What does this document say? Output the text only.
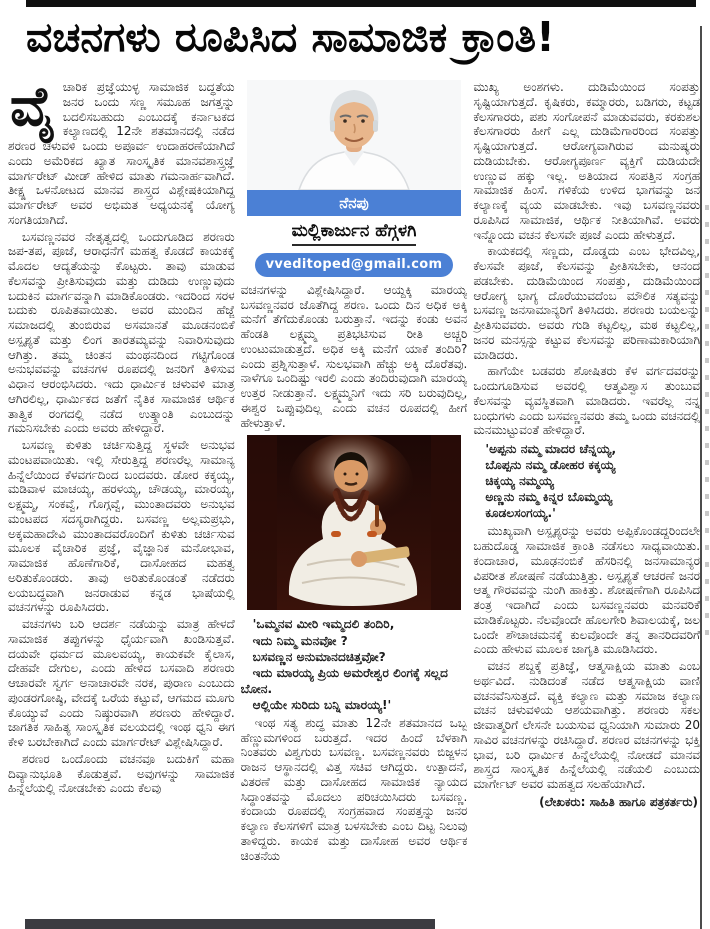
ವಚನಗಳು ರೂಪಿಸಿದ ಸಾಮಾಜಿಕ ಕ್ರಾಂತಿ!

ವೈಚಾರಿಕ ಪ್ರಜ್ಞೆಯುಳ್ಳ ಸಾಮಾಜಿಕ ಬದ್ಧತೆಯ ಜನರ ಒಂದು ಸಣ್ಣ ಸಮೂಹ ಜಗತ್ತನ್ನು ಬದಲಿಸಬಹುದು ಎಂಬುದಕ್ಕೆ ಕರ್ನಾಟಕದ ಕಲ್ಯಾಣದಲ್ಲಿ 12ನೇ ಶತಮಾನದಲ್ಲಿ ನಡೆದ ಶರಣರ ಚಳುವಳಿ ಒಂದು ಅಪೂರ್ವ ಉದಾಹರಣೆಯಾಗಿದೆ ಎಂದು ಅಮೆರಿಕದ ಖ್ಯಾತ ಸಾಂಸ್ಕೃತಿಕ ಮಾನವಶಾಸ್ತ್ರಜ್ಞೆ ಮಾರ್ಗರೇಟ್ ಮೀಡ್ ಹೇಳಿದ ಮಾತು ಗಮನಾರ್ಹವಾಗಿದೆ. ತೀಕ್ಷ್ಣ ಒಳನೋಟದ ಮಾನವ ಶಾಸ್ತ್ರದ ವಿಶ್ಲೇಷಕಿಯಾಗಿದ್ದ ಮಾರ್ಗರೇಟ್ ಅವರ ಅಭಿಮತ ಅಧ್ಯಯನಕ್ಕೆ ಯೋಗ್ಯ ಸಂಗತಿಯಾಗಿದೆ.

ಬಸವಣ್ಣನವರ ನೇತೃತ್ವದಲ್ಲಿ ಒಂದುಗೂಡಿದ ಶರಣರು ಜಪ-ತಪ, ಪೂಜೆ, ಆರಾಧನೆಗೆ ಮಹತ್ವ ಕೊಡದೆ ಕಾಯಕಕ್ಕೆ ಮೊದಲ ಆದ್ಯತೆಯನ್ನು ಕೊಟ್ಟರು. ತಾವು ಮಾಡುವ ಕೆಲಸವನ್ನು ಪ್ರೀತಿಸುವುದು ಮತ್ತು ದುಡಿದು ಉಣ್ಣುವುದು ಬದುಕಿನ ಮಾರ್ಗವನ್ನಾಗಿ ಮಾಡಿಕೊಂಡರು. ಇದರಿಂದ ಸರಳ ಬದುಕು ರೂಪಿತವಾಯಿತು. ಅವರ ಮುಂದಿನ ಹೆಜ್ಜೆ ಸಮಾಜದಲ್ಲಿ ತುಂಬಿರುವ ಅಸಮಾನತೆ ಮೂಡನಂಬಿಕೆ ಅಸ್ಪೃಶ್ಯತೆ ಮತ್ತು ಲಿಂಗ ತಾರತಮ್ಯವನ್ನು ನಿವಾರಿಸುವುದು ಆಗಿತ್ತು. ತಮ್ಮ ಚಿಂತನ ಮಂಥನದಿಂದ ಗಟ್ಟಿಗೊಂಡ ಅನುಭವವನ್ನು ವಚನಗಳ ರೂಪದಲ್ಲಿ ಜನರಿಗೆ ತಿಳಿಸುವ ವಿಧಾನ ಆರಂಭಿಸಿದರು. ಇದು ಧಾರ್ಮಿಕ ಚಳುವಳಿ ಮಾತ್ರ ಆಗಿರಲಿಲ್ಲ, ಧಾರ್ಮಿಕದ ಜತೆಗೆ ನೈತಿಕ ಸಾಮಾಜಿಕ ಆರ್ಥಿಕ ತಾತ್ವಿಕ ರಂಗದಲ್ಲಿ ನಡೆದ ಉತ್ಕ್ರಾಂತಿ ಎಂಬುದನ್ನು ಗಮನಿಸಬೇಕು ಎಂದು ಅವರು ಹೇಳಿದ್ದಾರೆ.

ಬಸವಣ್ಣ ಕುಳಿತು ಚರ್ಚಿಸುತ್ತಿದ್ದ ಸ್ಥಳವೇ ಅನುಭವ ಮಂಟಪವಾಯಿತು. ಇಲ್ಲಿ ಸೇರುತ್ತಿದ್ದ ಶರಣರೆಲ್ಲ ಸಾಮಾನ್ಯ ಹಿನ್ನೆಲೆಯಿಂದ ಕೆಳವರ್ಗದಿಂದ ಬಂದವರು. ಡೋರ ಕಕ್ಕಯ್ಯ, ಮಡಿವಾಳ ಮಾಚಯ್ಯ, ಹರಳಯ್ಯ, ಚೌಡಯ್ಯ, ಮಾರಯ್ಯ, ಲಕ್ಷ್ಮಮ್ಮ, ಸಂಕವ್ವೆ, ಗೊಗ್ಗವ್ವೆ, ಮುಂತಾದವರು ಅನುಭವ ಮಂಟಪದ ಸದಸ್ಯರಾಗಿದ್ದರು. ಬಸವಣ್ಣ ಅಲ್ಲಮಪ್ರಭು, ಅಕ್ಕಮಹಾದೇವಿ ಮುಂತಾದವರೊಂದಿಗೆ ಕುಳಿತು ಚರ್ಚಿಸುವ ಮೂಲಕ ವೈಚಾರಿಕ ಪ್ರಜ್ಞೆ, ವೈಜ್ಞಾನಿಕ ಮನೋಭಾವ, ಸಾಮಾಜಿಕ ಹೊಣೆಗಾರಿಕೆ, ದಾಸೋಹದ ಮಹತ್ವ ಅರಿತುಕೊಂಡರು. ತಾವು ಅರಿತುಕೊಂಡಂತೆ ನಡೆದರು ಲಯಬದ್ಧವಾಗಿ ಜನರಾಡುವ ಕನ್ನಡ ಭಾಷೆಯಲ್ಲಿ ವಚನಗಳನ್ನು ರೂಪಿಸಿದರು.

ವಚನಗಳು ಬರಿ ಆದರ್ಶ ನಡೆಯನ್ನು ಮಾತ್ರ ಹೇಳದೆ ಸಾಮಾಜಿಕ ತಪ್ಪುಗಳನ್ನು ಧೈರ್ಯವಾಗಿ ಖಂಡಿಸುತ್ತವೆ. ದಯವೇ ಧರ್ಮದ ಮೂಲವಯ್ಯ, ಕಾಯಕವೇ ಕೈಲಾಸ, ದೇಹವೇ ದೇಗುಲ, ಎಂದು ಹೇಳಿದ ಬಸವಾದಿ ಶರಣರು ಆಚಾರವೇ ಸ್ವರ್ಗ ಅನಾಚಾರವೇ ನರಕ, ಪುರಾಣ ಎಂಬುದು ಪುಂಡರಗೋಷ್ಠಿ, ವೇದಕ್ಕೆ ಒರೆಯ ಕಟ್ಟುವೆ, ಆಗಮದ ಮೂಗು ಕೊಯ್ಯುವೆ ಎಂದು ನಿಷ್ಠುರವಾಗಿ ಶರಣರು ಹೇಳಿದ್ದಾರೆ. ಜಾಗತಿಕ ಸಾಹಿತ್ಯ ಸಾಂಸ್ಕೃತಿಕ ವಲಯದಲ್ಲಿ ಇಂಥ ಧ್ವನಿ ಈಗ ಕೇಳಿ ಬರಬೇಕಾಗಿದೆ ಎಂದು ಮಾರ್ಗರೇಟ್ ವಿಶ್ಲೇಷಿಸಿದ್ದಾರೆ.

ಶರಣರ ಒಂದೊಂದು ವಚನವೂ ಬದುಕಿಗೆ ಮಹಾ ದಿವ್ಯಾನುಭೂತಿ ಕೊಡುತ್ತವೆ. ಅವುಗಳನ್ನು ಸಾಮಾಜಿಕ ಹಿನ್ನೆಲೆಯಲ್ಲಿ ನೋಡಬೇಕು ಎಂದು ಕೆಲವು

ನೆನಪು
ಮಲ್ಲಿಕಾರ್ಜುನ ಹೆಗ್ಗಳಗಿ
vveditoped@gmail.com

ವಚನಗಳನ್ನು ವಿಶ್ಲೇಷಿಸಿದ್ದಾರೆ. ಆಯ್ದಕ್ಕಿ ಮಾರಯ್ಯ ಬಸವಣ್ಣನವರ ಜೊತೆಗಿದ್ದ ಶರಣ. ಒಂದು ದಿನ ಅಧಿಕ ಅಕ್ಕಿ ಮನೆಗೆ ತೆಗೆದುಕೊಂಡು ಬರುತ್ತಾನೆ. ಇದನ್ನು ಕಂಡು ಅವನ ಹೆಂಡತಿ ಲಕ್ಷ್ಮಮ್ಮ ಪ್ರತಿಭಟಿಸುವ ರೀತಿ ಅಚ್ಚರಿ ಉಂಟುಮಾಡುತ್ತದೆ. ಅಧಿಕ ಅಕ್ಕಿ ಮನೆಗೆ ಯಾಕೆ ತಂದಿರಿ? ಎಂದು ಪ್ರಶ್ನಿಸುತ್ತಾಳೆ. ಸುಲಭವಾಗಿ ಹೆಚ್ಚು ಅಕ್ಕಿ ದೊರೆತವು. ನಾಳೆಗೂ ಒಂದಿಷ್ಟು ಇರಲಿ ಎಂದು ತಂದಿರುವುದಾಗಿ ಮಾರಯ್ಯ ಉತ್ತರ ನೀಡುತ್ತಾನೆ. ಲಕ್ಷ್ಮಮ್ಮನಿಗೆ ಇದು ಸರಿ ಬರುವುದಿಲ್ಲ, ಈಶ್ವರ ಒಪ್ಪುವುದಿಲ್ಲ ಎಂದು ವಚನ ರೂಪದಲ್ಲಿ ಹೀಗೆ ಹೇಳುತ್ತಾಳೆ.

'ಒಮ್ಮನವ ಮೀರಿ ಇಮ್ಮದಲಿ ತಂದಿರಿ,
ಇದು ನಿಮ್ಮ ಮನವೋ ?
ಬಸವಣ್ಣನ ಅನುಮಾನದಚಿತ್ತವೋ?
ಇದು ಮಾರಯ್ಯ ಪ್ರಿಯ ಅಮರೇಶ್ವರ ಲಿಂಗಕ್ಕೆ ಸಲ್ಲದ ಬೋನ.
ಆಲ್ಲಿಯೇ ಸುರಿದು ಬನ್ನಿ ಮಾರಯ್ಯ!'

ಇಂಥ ಸತ್ಯ ಶುದ್ಧ ಮಾತು 12ನೇ ಶತಮಾನದ ಒಬ್ಬ ಹೆಣ್ಣುಮಗಳಿಂದ ಬರುತ್ತದೆ. ಇದರ ಹಿಂದೆ ಬೆಳಕಾಗಿ ನಿಂತವರು ವಿಶ್ವಗುರು ಬಸವಣ್ಣ. ಬಸವಣ್ಣನವರು ಬಿಜ್ಜಳನ ರಾಜನ ಆಸ್ಥಾನದಲ್ಲಿ ವಿತ್ತ ಸಚಿವ ಆಗಿದ್ದರು. ಉತ್ಪಾದನೆ, ವಿತರಣೆ ಮತ್ತು ದಾಸೋಹದ ಸಾಮಾಜಿಕ ನ್ಯಾಯದ ಸಿದ್ಧಾಂತವನ್ನು ಮೊದಲು ಪರಿಚಯಿಸಿದರು ಬಸವಣ್ಣ. ಕಂದಾಯ ರೂಪದಲ್ಲಿ ಸಂಗ್ರಹವಾದ ಸಂಪತ್ತನ್ನು ಜನರ ಕಲ್ಯಾಣ ಕೆಲಸಗಳಿಗೆ ಮಾತ್ರ ಬಳಸಬೇಕು ಎಂಬ ದಿಟ್ಟ ನಿಲುವು ತಾಳಿದ್ದರು. ಕಾಯಕ ಮತ್ತು ದಾಸೋಹ ಅವರ ಆರ್ಥಿಕ ಚಿಂತನೆಯ

ಮುಖ್ಯ ಅಂಶಗಳು. ದುಡಿಮೆಯಿಂದ ಸಂಪತ್ತು ಸೃಷ್ಟಿಯಾಗುತ್ತದೆ. ಕೃಷಿಕರು, ಕಮ್ಮಾರರು, ಬಡಿಗರು, ಕಟ್ಟಡ ಕೆಲಸಗಾರರು, ಪಶು ಸಂಗೋಪನೆ ಮಾಡುವವರು, ಕರಕುಶಲ ಕೆಲಸಗಾರರು ಹೀಗೆ ಎಲ್ಲ ದುಡಿಮೆಗಾರರಿಂದ ಸಂಪತ್ತು ಸೃಷ್ಟಿಯಾಗುತ್ತದೆ. ಆರೋಗ್ಯವಾಗಿರುವ ಮನುಷ್ಯರು ದುಡಿಯಬೇಕು. ಆರೋಗ್ಯಪೂರ್ಣ ವ್ಯಕ್ತಿಗೆ ದುಡಿಯದೇ ಉಣ್ಣುವ ಹಕ್ಕು ಇಲ್ಲ. ಅತಿಯಾದ ಸಂಪತ್ತಿನ ಸಂಗ್ರಹ ಸಾಮಾಜಿಕ ಹಿಂಸೆ. ಗಳಿಕೆಯ ಉಳಿದ ಭಾಗವನ್ನು ಜನ ಕಲ್ಯಾಣಕ್ಕೆ ವ್ಯಯ ಮಾಡಬೇಕು. ಇವು ಬಸವಣ್ಣನವರು ರೂಪಿಸಿದ ಸಾಮಾಜಿಕ, ಆರ್ಥಿಕ ನೀತಿಯಾಗಿವೆ. ಅವರು ಇನ್ನೊಂದು ವಚನ ಕೆಲಸವೇ ಪೂಜೆ ಎಂದು ಹೇಳುತ್ತದೆ.

ಕಾಯಕದಲ್ಲಿ ಸಣ್ಣದು, ದೊಡ್ಡದು ಎಂಬ ಭೇದವಿಲ್ಲ, ಕೆಲಸವೇ ಪೂಜೆ, ಕೆಲಸವನ್ನು ಪ್ರೀತಿಸಬೇಕು, ಆನಂದ ಪಡಬೇಕು. ದುಡಿಮೆಯಿಂದ ಸಂಪತ್ತು, ದುಡಿಮೆಯಿಂದ ಆರೋಗ್ಯ ಭಾಗ್ಯ ದೊರೆಯುವದೆಂಬ ಮೌಲಿಕ ಸತ್ಯವನ್ನು ಬಸವಣ್ಣ ಜನಸಾಮಾನ್ಯರಿಗೆ ತಿಳಿಸಿದರು. ಶರಣರು ಬಯಲನ್ನು ಪ್ರೀತಿಸುವವರು. ಅವರು ಗುಡಿ ಕಟ್ಟಲಿಲ್ಲ, ಮಠ ಕಟ್ಟಲಿಲ್ಲ, ಜನರ ಮನಸ್ಸನ್ನು ಕಟ್ಟುವ ಕೆಲಸವನ್ನು ಪರಿಣಾಮಕಾರಿಯಾಗಿ ಮಾಡಿದರು.

ಹಾಗೆಯೇ ಬಡವರು ಶೋಷಿತರು ಕೆಳ ವರ್ಗದವರನ್ನು ಒಂದುಗೂಡಿಸುವ ಅವರಲ್ಲಿ ಆತ್ಮವಿಶ್ವಾಸ ತುಂಬುವ ಕೆಲಸವನ್ನು ವ್ಯವಸ್ಥಿತವಾಗಿ ಮಾಡಿದರು. ಇವರೆಲ್ಲ ನನ್ನ ಬಂಧುಗಳು ಎಂದು ಬಸವಣ್ಣನವರು ತಮ್ಮ ಒಂದು ವಚನದಲ್ಲಿ ಮನಮುಟ್ಟುವಂತೆ ಹೇಳಿದ್ದಾರೆ.

'ಅಪ್ಪನು ನಮ್ಮ ಮಾದರ ಚೆನ್ನಯ್ಯ,
ಬೊಪ್ಪನು ನಮ್ಮ ಡೋಹರ ಕಕ್ಕಯ್ಯ
ಚಿಕ್ಕಯ್ಯ ನಮ್ಮಯ್ಯ
ಅಣ್ಣನು ನಮ್ಮ ಕಿನ್ನರ ಬೊಮ್ಮಯ್ಯ
ಕೂಡಲಸಂಗಯ್ಯ.'

ಮುಖ್ಯವಾಗಿ ಅಸ್ಪೃಶ್ಯರನ್ನು ಅವರು ಅಪ್ಪಿಕೊಂಡದ್ದರಿಂದಲೇ ಬಹುದೊಡ್ಡ ಸಾಮಾಜಿಕ ಕ್ರಾಂತಿ ನಡೆಸಲು ಸಾಧ್ಯವಾಯಿತು. ಕಂದಾಚಾರ, ಮೂಢನಂಬಿಕೆ ಹೆಸರಿನಲ್ಲಿ ಜನಸಾಮಾನ್ಯರ ವಿಪರೀತ ಶೋಷಣೆ ನಡೆಯುತ್ತಿತ್ತು. ಅಸ್ಪೃಶ್ಯತೆ ಆಚರಣೆ ಜನರ ಆತ್ಮ ಗೌರವವನ್ನು ನುಂಗಿ ಹಾಕಿತ್ತು. ಶೋಷಣೆಗಾಗಿ ರೂಪಿಸಿದ ತಂತ್ರ ಇದಾಗಿದೆ ಎಂದು ಬಸವಣ್ಣನವರು ಮನವರಿಕೆ ಮಾಡಿಕೊಟ್ಟರು. ನೆಲವೊಂದೇ ಹೊಲಗೇರಿ ಶಿವಾಲಯಕ್ಕೆ, ಜಲ ಒಂದೇ ಶೌಚಾಚಮನಕ್ಕೆ ಕುಲವೊಂದೇ ತನ್ನ ತಾನರಿದವರಿಗೆ ಎಂದು ಹೇಳುವ ಮೂಲಕ ಜಾಗೃತಿ ಮೂಡಿಸಿದರು.

ವಚನ ಶಬ್ದಕ್ಕೆ ಪ್ರತಿಜ್ಞೆ, ಆತ್ಮಸಾಕ್ಷಿಯ ಮಾತು ಎಂಬ ಅರ್ಥವಿದೆ. ನುಡಿದಂತೆ ನಡೆದ ಆತ್ಮಸಾಕ್ಷಿಯ ವಾಣಿ ವಚನವೆನಿಸುತ್ತದೆ. ವ್ಯಕ್ತಿ ಕಲ್ಯಾಣ ಮತ್ತು ಸಮಾಜ ಕಲ್ಯಾಣ ವಚನ ಚಳುವಳಿಯ ಆಶಯವಾಗಿತ್ತು. ಶರಣರು ಸಕಲ ಜೀವಾತ್ಮರಿಗೆ ಲೇಸನೇ ಬಯಸುವ ಧ್ವನಿಯಾಗಿ ಸುಮಾರು 20 ಸಾವಿರ ವಚನಗಳನ್ನು ರಚಿಸಿದ್ದಾರೆ. ಶರಣರ ವಚನಗಳನ್ನು ಭಕ್ತಿ ಭಾವ, ಬರಿ ಧಾರ್ಮಿಕ ಹಿನ್ನೆಲೆಯಲ್ಲಿ ನೋಡದೆ ಮಾನವ ಶಾಸ್ತ್ರದ ಸಾಂಸ್ಕೃತಿಕ ಹಿನ್ನೆಲೆಯಲ್ಲಿ ನಡೆಯಲಿ ಎಂಬುದು ಮಾರ್ಗೇಟ್ ಅವರ ಮಹತ್ವದ ಸಲಹೆಯಾಗಿದೆ.

(ಲೇಖಕರು: ಸಾಹಿತಿ ಹಾಗೂ ಪತ್ರಕರ್ತರು)
